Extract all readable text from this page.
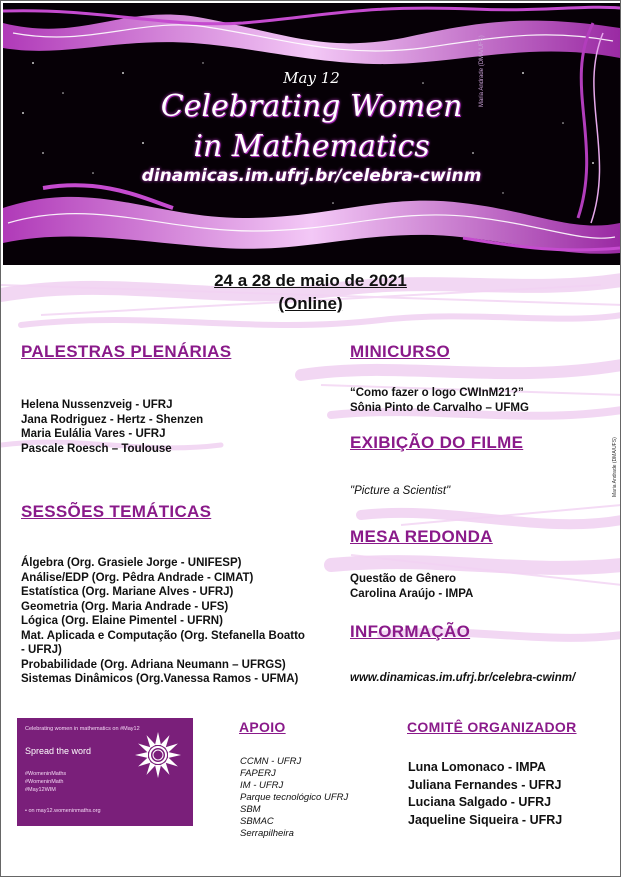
May 12
Celebrating Women
in Mathematics
dinamicas.im.ufrj.br/celebra-cwinm
Maria Andrade (DMA/UFS)
24 a 28 de maio de 2021
(Online)
PALESTRAS PLENÁRIAS
Helena Nussenzveig - UFRJ
Jana Rodriguez - Hertz - Shenzen
Maria Eulália Vares - UFRJ
Pascale Roesch – Toulouse
SESSÕES TEMÁTICAS
Álgebra (Org. Grasiele Jorge - UNIFESP)
Análise/EDP (Org. Pêdra Andrade - CIMAT)
Estatística (Org. Mariane Alves - UFRJ)
Geometria (Org. Maria Andrade - UFS)
Lógica (Org. Elaine Pimentel - UFRN)
Mat. Aplicada e Computação (Org. Stefanella Boatto
- UFRJ)
Probabilidade (Org. Adriana Neumann – UFRGS)
Sistemas Dinâmicos (Org.Vanessa Ramos - UFMA)
MINICURSO
“Como fazer o logo CWInM21?”
Sônia Pinto de Carvalho – UFMG
EXIBIÇÃO DO FILME
"Picture a Scientist"
MESA REDONDA
Questão de Gênero
Carolina Araújo - IMPA
INFORMAÇÃO
www.dinamicas.im.ufrj.br/celebra-cwinm/
Maria Andrade (DMA/UFS)
Celebrating women in mathematics on #May12
Spread the word
#WomeninMaths
#WomeninMath
#May12WIM
• on may12.womeninmaths.org
APOIO
CCMN - UFRJ
FAPERJ
IM - UFRJ
Parque tecnológico UFRJ
SBM
SBMAC
Serrapilheira
COMITÊ ORGANIZADOR
Luna Lomonaco - IMPA
Juliana Fernandes - UFRJ
Luciana Salgado - UFRJ
Jaqueline Siqueira - UFRJ
